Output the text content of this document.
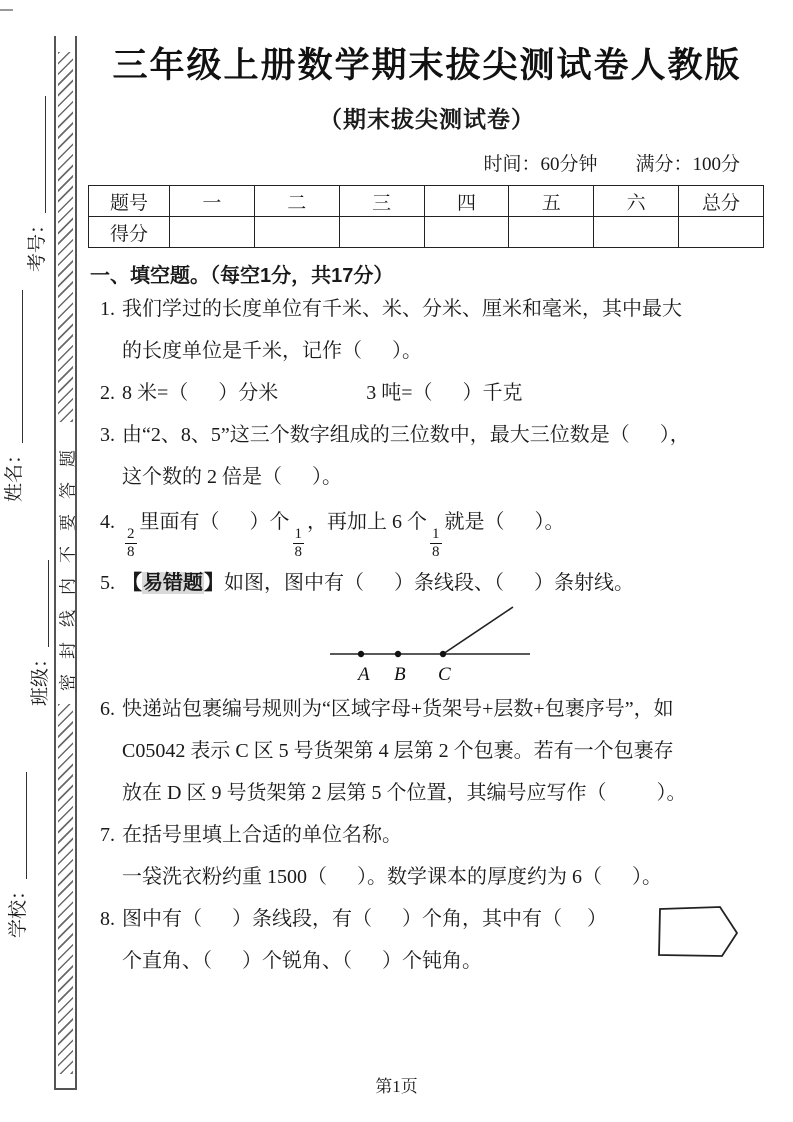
考号：
姓名：
班级：
学校：
密封线内不要答题
三年级上册数学期末拔尖测试卷人教版
（期末拔尖测试卷）
时间：60分钟　　满分：100分
题号	一	二	三	四	五	六	总分
得分							
一、填空题。（每空1分，共17分）
1. 我们学过的长度单位有千米、米、分米、厘米和毫米，其中最大
的长度单位是千米，记作（      ）。
2. 8 米=（      ）分米	3 吨=（      ）千克
3. 由“2、8、5”这三个数字组成的三位数中，最大三位数是（      ），
这个数的 2 倍是（      ）。
4.
$\frac{2}{8}$
里面有（      ）个
$\frac{1}{8}$
，再加上 6 个
$\frac{1}{8}$
就是（      ）。
5. 【易错题】如图，图中有（      ）条线段、（      ）条射线。
A B C
6. 快递站包裹编号规则为“区域字母+货架号+层数+包裹序号”，如
C05042 表示 C 区 5 号货架第 4 层第 2 个包裹。若有一个包裹存
放在 D 区 9 号货架第 2 层第 5 个位置，其编号应写作（          ）。
7. 在括号里填上合适的单位名称。
一袋洗衣粉约重 1500（      ）。数学课本的厚度约为 6（      ）。
8. 图中有（      ）条线段，有（      ）个角，其中有（     ）
个直角、（      ）个锐角、（      ）个钝角。
第1页
